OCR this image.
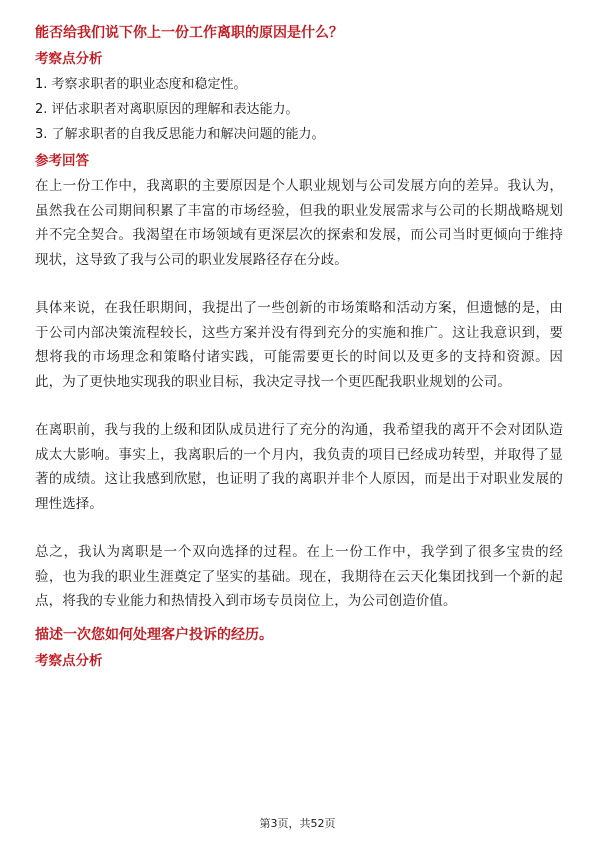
能否给我们说下你上一份工作离职的原因是什么？

考察点分析

1. 考察求职者的职业态度和稳定性。

2. 评估求职者对离职原因的理解和表达能力。

3. 了解求职者的自我反思能力和解决问题的能力。

参考回答

在上一份工作中，我离职的主要原因是个人职业规划与公司发展方向的差异。我认为，虽然我在公司期间积累了丰富的市场经验，但我的职业发展需求与公司的长期战略规划并不完全契合。我渴望在市场领域有更深层次的探索和发展，而公司当时更倾向于维持现状，这导致了我与公司的职业发展路径存在分歧。

具体来说，在我任职期间，我提出了一些创新的市场策略和活动方案，但遗憾的是，由于公司内部决策流程较长，这些方案并没有得到充分的实施和推广。这让我意识到，要想将我的市场理念和策略付诸实践，可能需要更长的时间以及更多的支持和资源。因此，为了更快地实现我的职业目标，我决定寻找一个更匹配我职业规划的公司。

在离职前，我与我的上级和团队成员进行了充分的沟通，我希望我的离开不会对团队造成太大影响。事实上，我离职后的一个月内，我负责的项目已经成功转型，并取得了显著的成绩。这让我感到欣慰，也证明了我的离职并非个人原因，而是出于对职业发展的理性选择。

总之，我认为离职是一个双向选择的过程。在上一份工作中，我学到了很多宝贵的经验，也为我的职业生涯奠定了坚实的基础。现在，我期待在云天化集团找到一个新的起点，将我的专业能力和热情投入到市场专员岗位上，为公司创造价值。

描述一次您如何处理客户投诉的经历。

考察点分析

第3页，共52页
